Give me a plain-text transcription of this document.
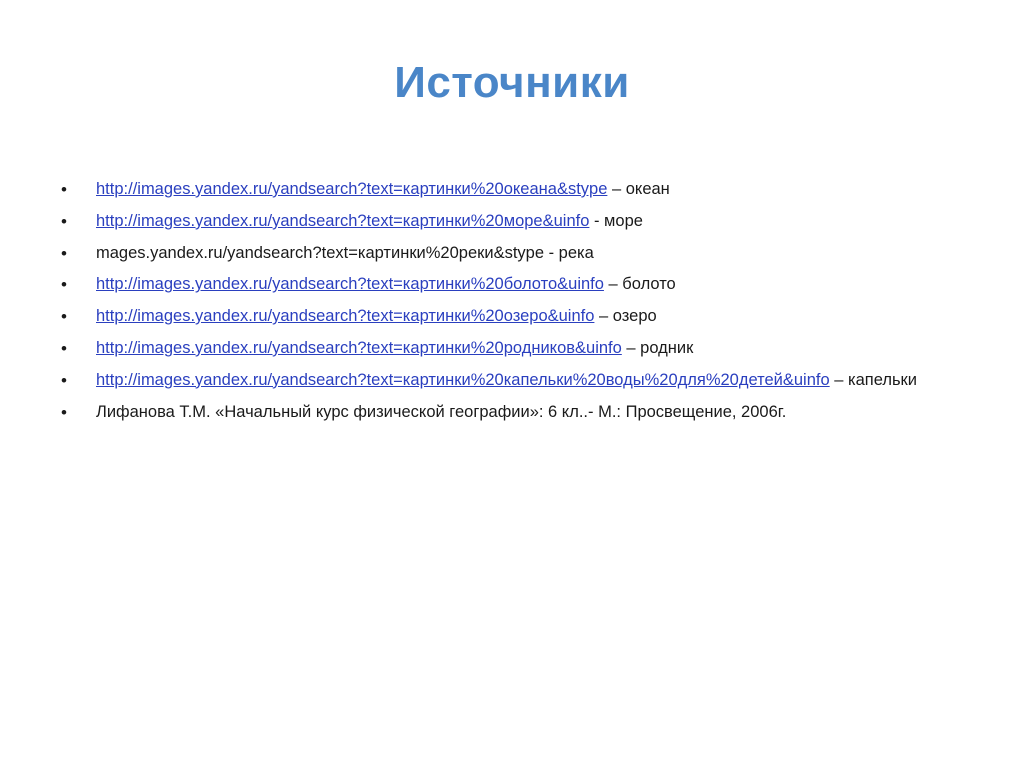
Источники
• http://images.yandex.ru/yandsearch?text=картинки%20океана&stype – океан
• http://images.yandex.ru/yandsearch?text=картинки%20море&uinfo - море
• mages.yandex.ru/yandsearch?text=картинки%20реки&stype - река
• http://images.yandex.ru/yandsearch?text=картинки%20болото&uinfo – болото
• http://images.yandex.ru/yandsearch?text=картинки%20озеро&uinfo – озеро
• http://images.yandex.ru/yandsearch?text=картинки%20родников&uinfo – родник
• http://images.yandex.ru/yandsearch?text=картинки%20капельки%20воды%20для%20детей&uinfo – капельки
• Лифанова Т.М. «Начальный курс физической географии»: 6 кл..- М.: Просвещение, 2006г.
